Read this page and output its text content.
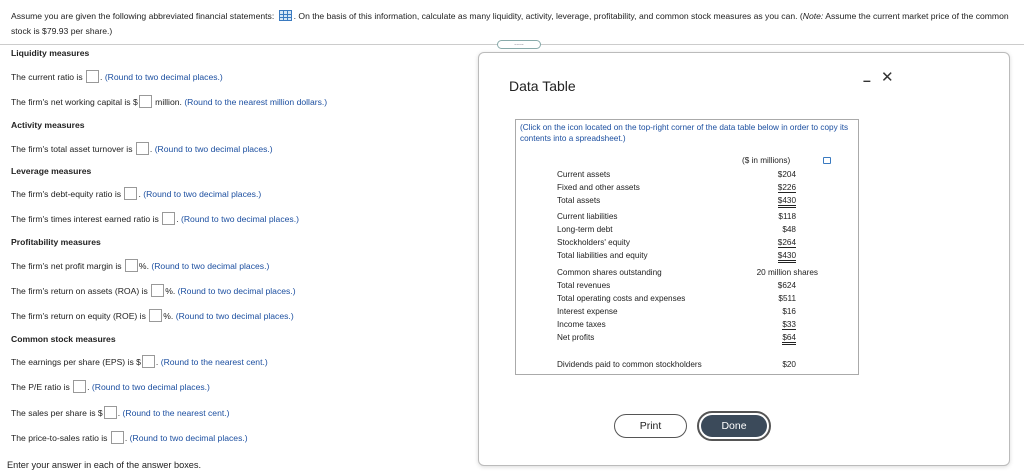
Assume you are given the following abbreviated financial statements: . On the basis of this information, calculate as many liquidity, activity, leverage, profitability, and common stock measures as you can. (Note: Assume the current market price of the common stock is $79.93 per share.)
.....
Liquidity measures
The current ratio is . (Round to two decimal places.)
The firm's net working capital is $ million. (Round to the nearest million dollars.)
Activity measures
The firm's total asset turnover is . (Round to two decimal places.)
Leverage measures
The firm's debt-equity ratio is . (Round to two decimal places.)
The firm's times interest earned ratio is . (Round to two decimal places.)
Profitability measures
The firm's net profit margin is %. (Round to two decimal places.)
The firm's return on assets (ROA) is %. (Round to two decimal places.)
The firm's return on equity (ROE) is %. (Round to two decimal places.)
Common stock measures
The earnings per share (EPS) is $ . (Round to the nearest cent.)
The P/E ratio is . (Round to two decimal places.)
The sales per share is $ . (Round to the nearest cent.)
The price-to-sales ratio is . (Round to two decimal places.)
Enter your answer in each of the answer boxes.
Data Table	– ✕
(Click on the icon located on the top-right corner of the data table below in order to copy its contents into a spreadsheet.)
($ in millions)
Current assets	$204
Fixed and other assets	$226
Total assets	$430
Current liabilities	$118
Long-term debt	$48
Stockholders' equity	$264
Total liabilities and equity	$430
Common shares outstanding	20 million shares
Total revenues	$624
Total operating costs and expenses	$511
Interest expense	$16
Income taxes	$33
Net profits	$64
Dividends paid to common stockholders	$20
Print	Done
